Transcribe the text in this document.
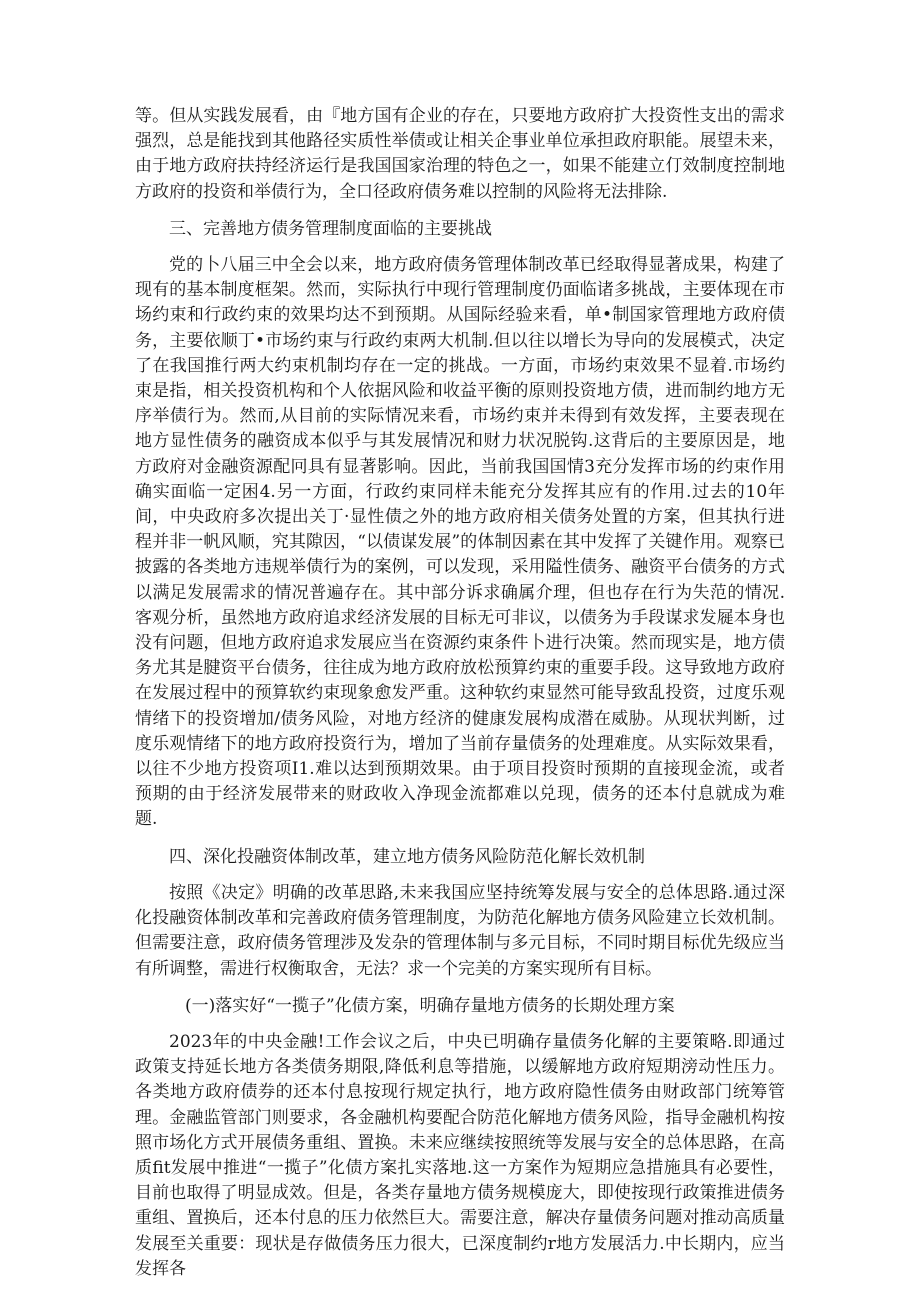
等。但从实践发展看，由『地方国有企业的存在，只要地方政府扩大投资性支出的需求强烈，总是能找到其他路径实质性举债或让相关企事业单位承担政府职能。展望未来，由于地方政府扶持经济运行是我国国家治理的特色之一，如果不能建立仃效制度控制地方政府的投资和举债行为，全口径政府债务难以控制的风险将无法排除.

三、完善地方债务管理制度面临的主要挑战

党的卜八届三中全会以来，地方政府债务管理体制改革已经取得显著成果，构建了现有的基本制度框架。然而，实际执行中现行管理制度仍面临诸多挑战，主要体现在市场约束和行政约束的效果均达不到预期。从国际经验来看，单•制国家管理地方政府债务，主要依顺丁•市场约束与行政约束两大机制.但以往以增长为导向的发展模式，决定了在我国推行两大约束机制均存在一定的挑战。一方面，市场约束效果不显着.市场约束是指，相关投资机构和个人依据风险和收益平衡的原则投资地方债，进而制约地方无序举债行为。然而,从目前的实际情况来看，市场约束并未得到有效发挥，主要表现在地方显性债务的融资成本似乎与其发展情况和财力状况脱钩.这背后的主要原因是，地方政府对金融资源配冋具有显著影响。因此，当前我国国情3充分发挥市场的约束作用确实面临一定困4.另一方面，行政约束同样未能充分发挥其应有的作用.过去的10年间，中央政府多次提出关丁·显性债之外的地方政府相关债务处置的方案，但其执行进程并非一帆风顺，究其隙因，“以债谋发展”的体制因素在其中发挥了关键作用。观察已披露的各类地方违规举债行为的案例，可以发现，采用隘性债务、融资平台债务的方式以满足发展需求的情况普遍存在。其中部分诉求确属介理，但也存在行为失范的情况.客观分析，虽然地方政府追求经济发展的目标无可非议，以债务为手段谋求发屣本身也没有问题，但地方政府追求发展应当在资源约束条件卜进行决策。然而现实是，地方债务尤其是腱资平台债务，往往成为地方政府放松预算约束的重要手段。这导致地方政府在发展过程中的预算软约束现象愈发严重。这种软约束显然可能导致乱投资，过度乐观情绪下的投资增加/债务风险，对地方经济的健康发展构成潜在威胁。从现状判断，过度乐观情绪下的地方政府投资行为，增加了当前存量债务的处理难度。从实际效果看，以往不少地方投资项I1.难以达到预期效果。由于项目投资时预期的直接现金流，或者预期的由于经济发展带来的财政收入净现金流都难以兑现，债务的还本付息就成为难题.

四、深化投融资体制改革，建立地方债务风险防范化解长效机制

按照《决定》明确的改革思路,未来我国应坚持统筹发展与安全的总体思路.通过深化投融资体制改革和完善政府债务管理制度，为防范化解地方债务风险建立长效机制。但需要注意，政府债务管理涉及发杂的管理体制与多元目标，不同时期目标优先级应当有所调整，需进行权衡取舍，无法？求一个完美的方案实现所有目标。

(一)落实好“一揽子”化债方案，明确存量地方债务的长期处理方案

2023年的中央金融!工作会议之后，中央已明确存量债务化解的主要策略.即通过政策支持延长地方各类债务期限,降低利息等措施，以缓解地方政府短期滂动性压力。各类地方政府债券的还本付息按现行规定执行，地方政府隐性债务由财政部门统筹管理。金融监管部门则要求，各金融机构要配合防范化解地方债务风险，指导金融机构按照市场化方式开展债务重组、置换。未来应继续按照统等发展与安全的总体思路，在高质fit发展中推进“一揽子”化债方案扎实落地.这一方案作为短期应急措施具有必要性，目前也取得了明显成效。但是，各类存量地方债务规模庞大，即使按现行政策推进债务重组、置换后，还本付息的压力依然巨大。需要注意，解决存量债务问题对推动高质量发展至关重要：现状是存做债务压力很大，已深度制约r地方发展活力.中长期内，应当发挥各
